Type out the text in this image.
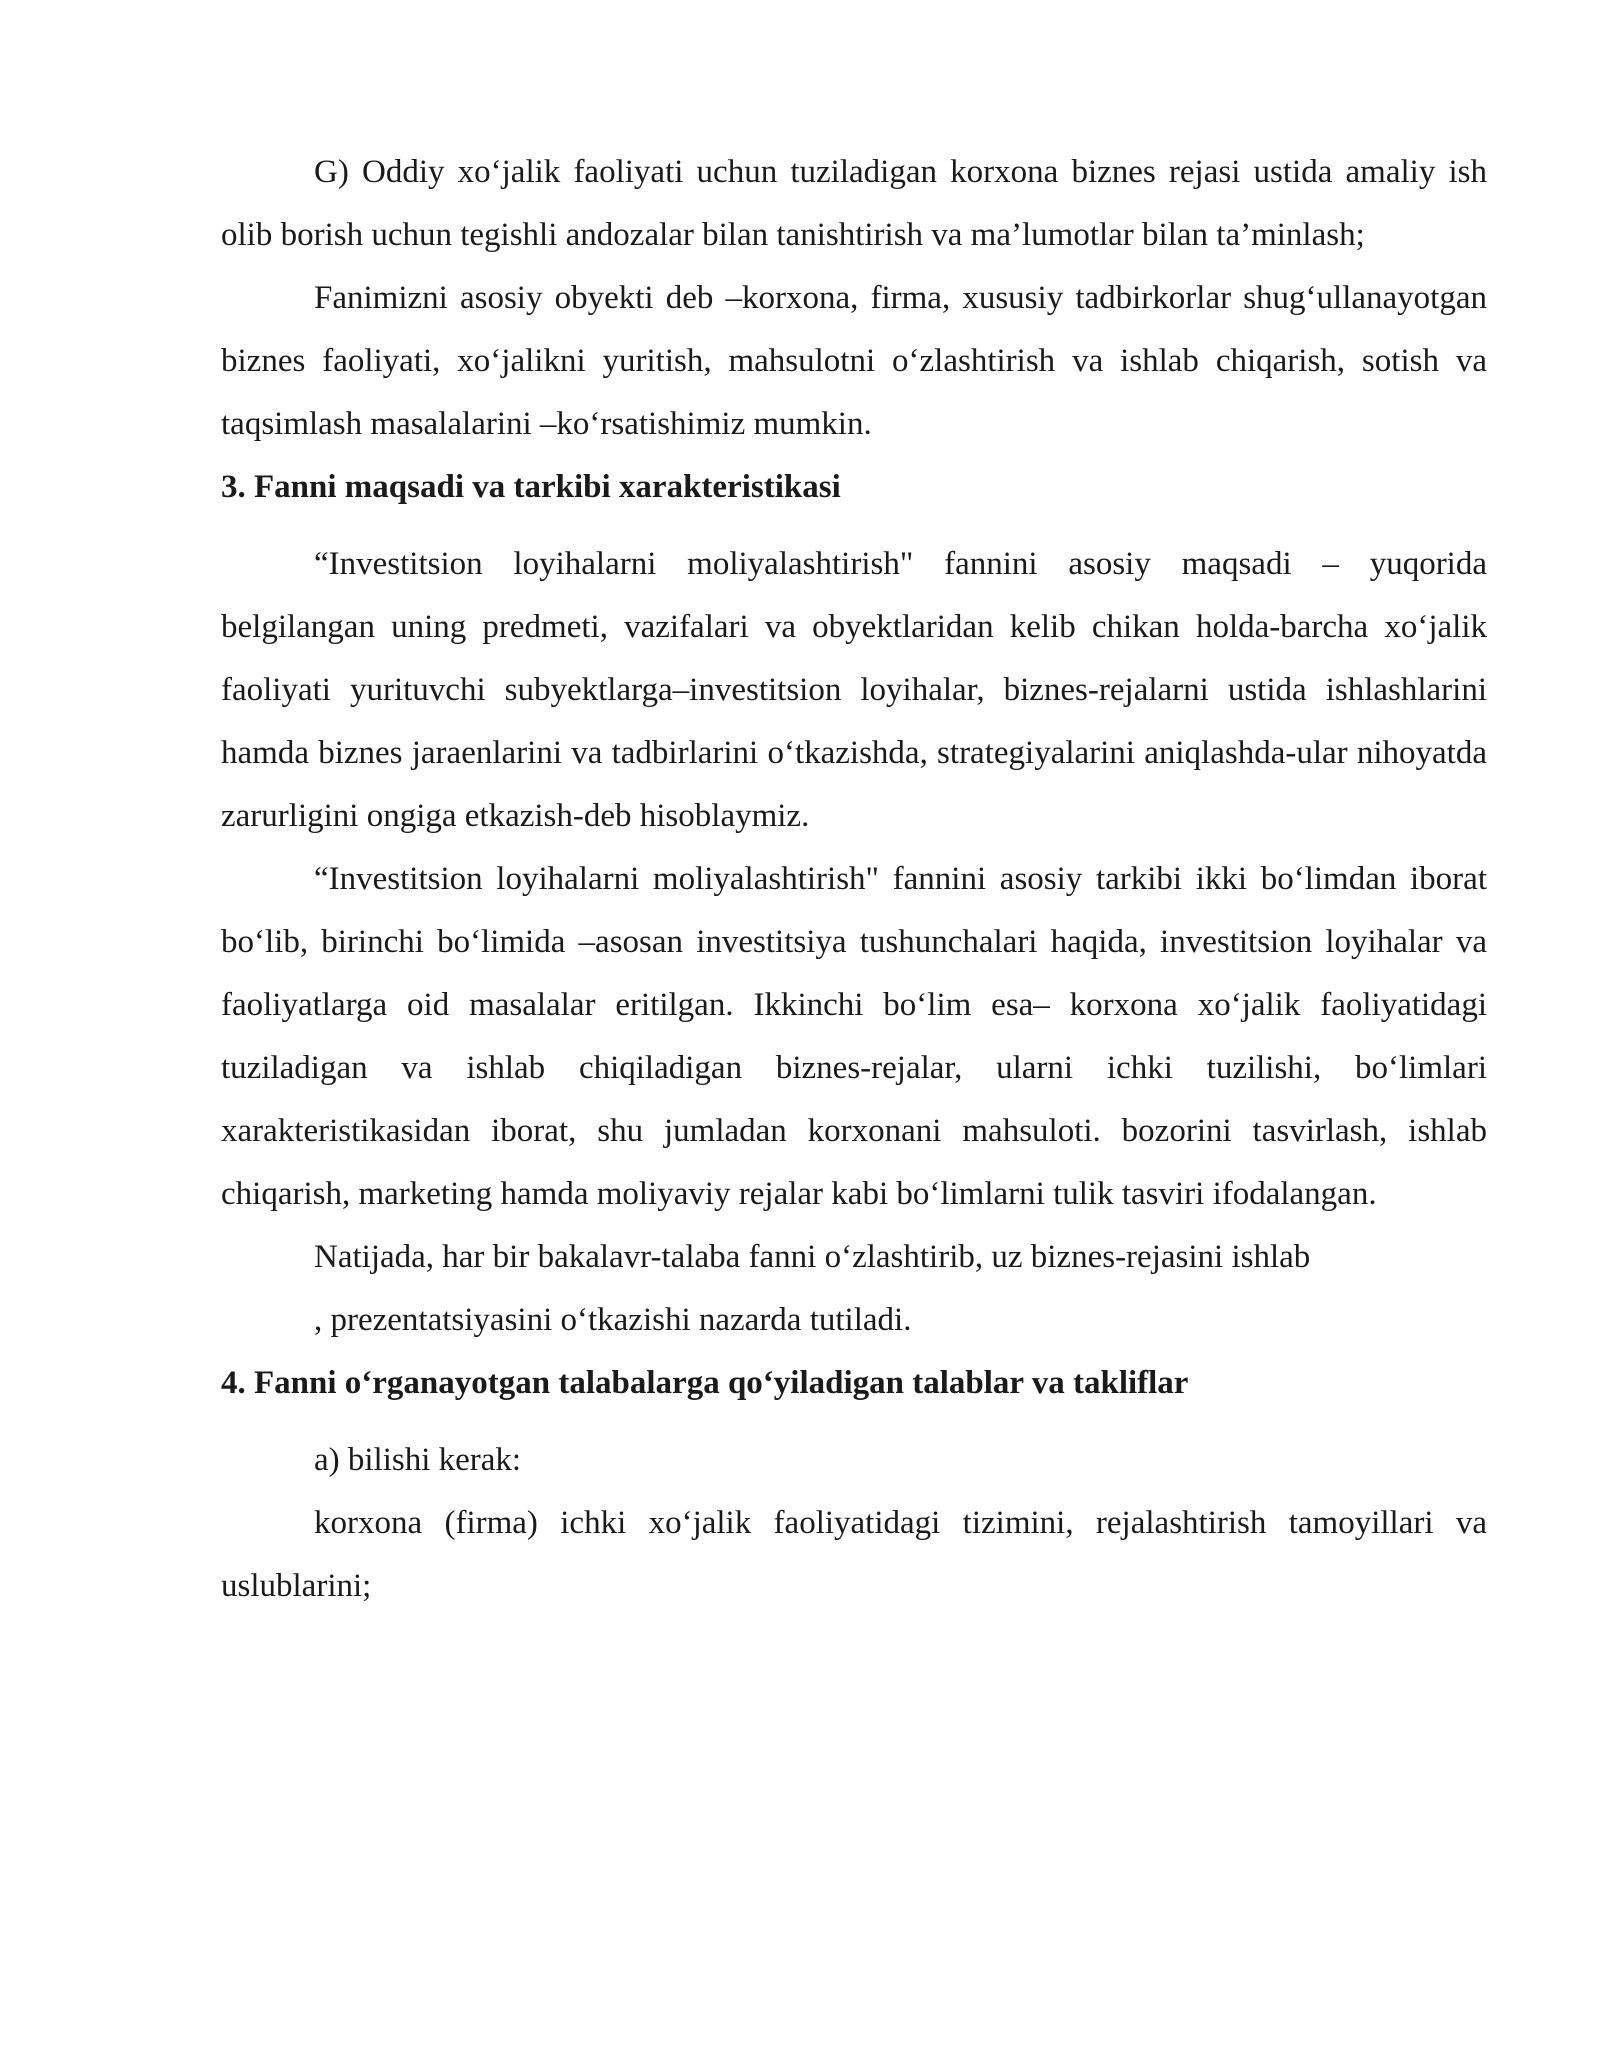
G) Oddiy xo‘jalik faoliyati uchun tuziladigan korxona biznes rejasi ustida amaliy ish olib borish uchun tegishli andozalar bilan tanishtirish va ma’lumotlar bilan ta’minlash;

Fanimizni asosiy obyekti deb –korxona, firma, xususiy tadbirkorlar shug‘ullanayotgan biznes faoliyati, xo‘jalikni yuritish, mahsulotni o‘zlashtirish va ishlab chiqarish, sotish va taqsimlash masalalarini –ko‘rsatishimiz mumkin.

3. Fanni maqsadi va tarkibi xarakteristikasi

“Investitsion loyihalarni moliyalashtirish" fannini asosiy maqsadi – yuqorida belgilangan uning predmeti, vazifalari va obyektlaridan kelib chikan holda-barcha xo‘jalik faoliyati yurituvchi subyektlarga–investitsion loyihalar, biznes-rejalarni ustida ishlashlarini hamda biznes jaraenlarini va tadbirlarini o‘tkazishda, strategiyalarini aniqlashda-ular nihoyatda zarurligini ongiga etkazish-deb hisoblaymiz.

“Investitsion loyihalarni moliyalashtirish" fannini asosiy tarkibi ikki bo‘limdan iborat bo‘lib, birinchi bo‘limida –asosan investitsiya tushunchalari haqida, investitsion loyihalar va faoliyatlarga oid masalalar eritilgan. Ikkinchi bo‘lim esa– korxona xo‘jalik faoliyatidagi tuziladigan va ishlab chiqiladigan biznes-rejalar, ularni ichki tuzilishi, bo‘limlari xarakteristikasidan iborat, shu jumladan korxonani mahsuloti. bozorini tasvirlash, ishlab chiqarish, marketing hamda moliyaviy rejalar kabi bo‘limlarni tulik tasviri ifodalangan.

Natijada, har bir bakalavr-talaba fanni o‘zlashtirib, uz biznes-rejasini ishlab
, prezentatsiyasini o‘tkazishi nazarda tutiladi.

4. Fanni o‘rganayotgan talabalarga qo‘yiladigan talablar va takliflar

a) bilishi kerak:

korxona (firma) ichki xo‘jalik faoliyatidagi tizimini, rejalashtirish tamoyillari va uslublarini;
